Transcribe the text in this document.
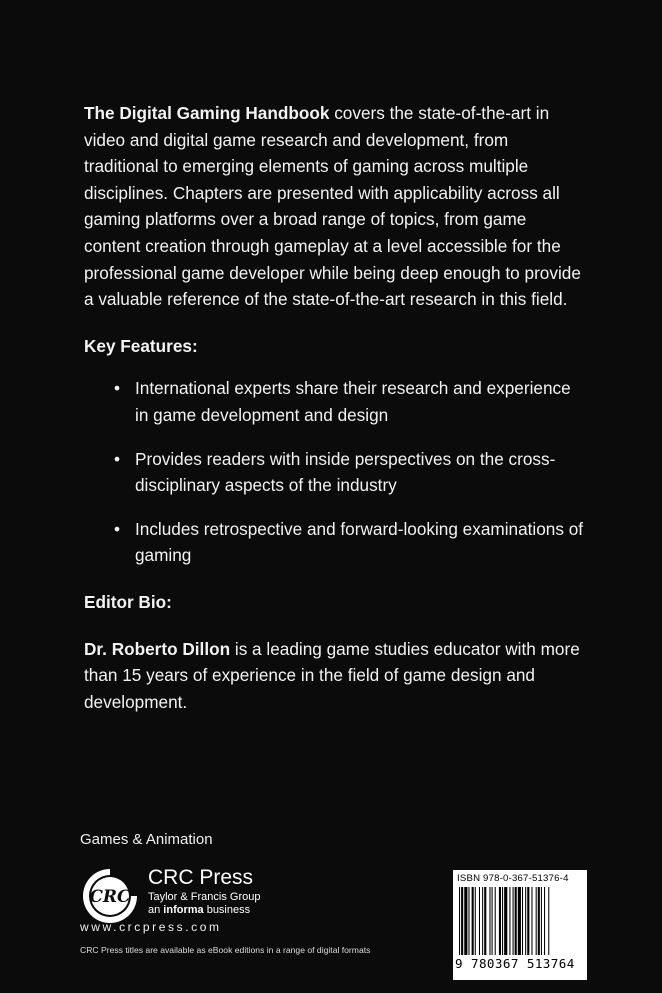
The Digital Gaming Handbook covers the state-of-the-art in video and digital game research and development, from traditional to emerging elements of gaming across multiple disciplines. Chapters are presented with applicability across all gaming platforms over a broad range of topics, from game content creation through gameplay at a level accessible for the professional game developer while being deep enough to provide a valuable reference of the state-of-the-art research in this field.

Key Features:

• International experts share their research and experience in game development and design
• Provides readers with inside perspectives on the cross-disciplinary aspects of the industry
• Includes retrospective and forward-looking examinations of gaming

Editor Bio:

Dr. Roberto Dillon is a leading game studies educator with more than 15 years of experience in the field of game design and development.

Games & Animation
CRC
CRC Press
Taylor & Francis Group
an informa business
www.crcpress.com
CRC Press titles are available as eBook editions in a range of digital formats
ISBN 978-0-367-51376-4
9 780367 513764
